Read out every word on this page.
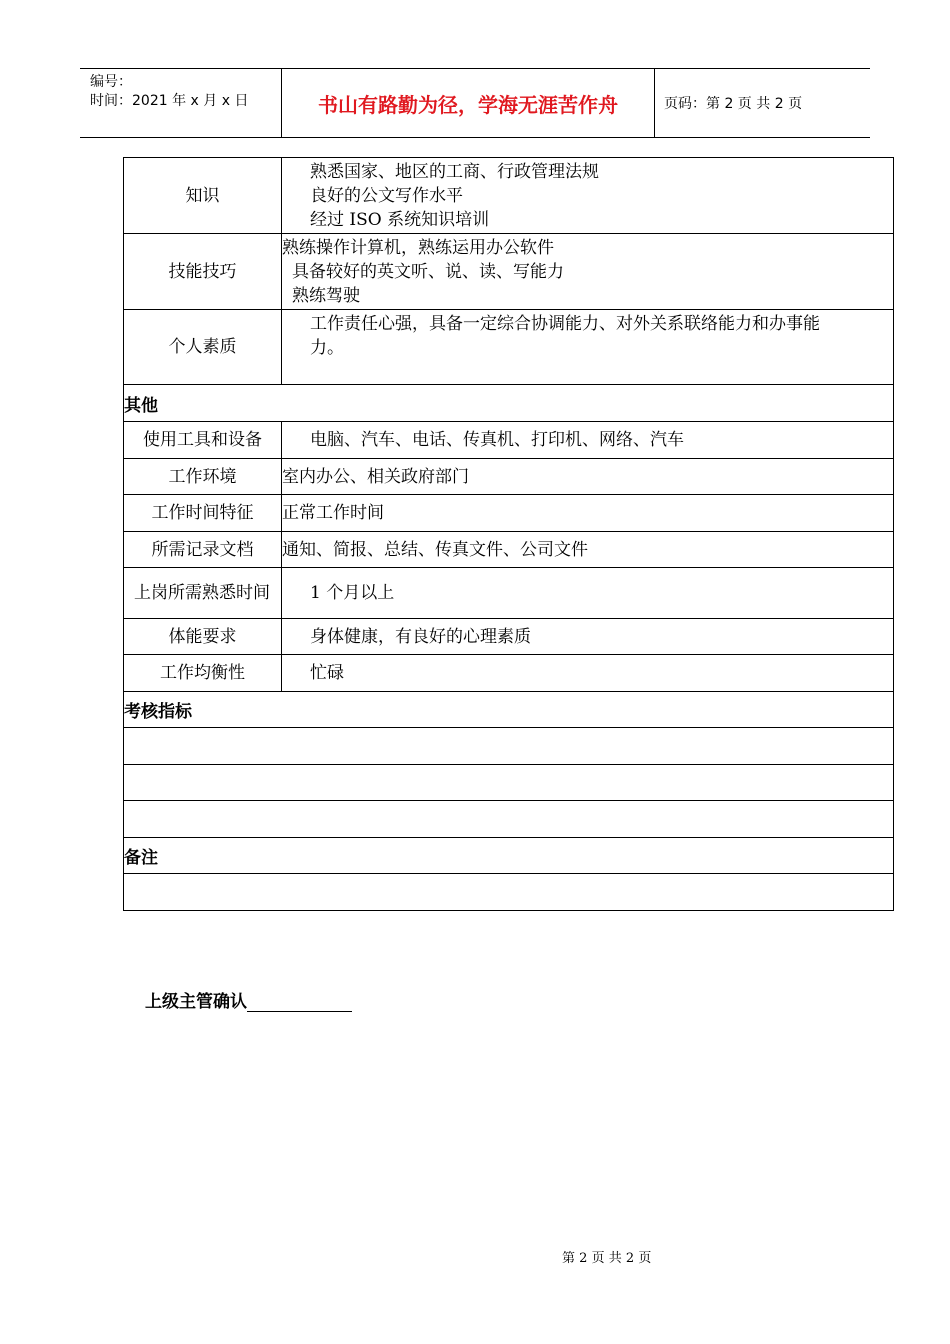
编号：
时间：2021 年 x 月 x 日	书山有路勤为径，学海无涯苦作舟	页码：第 2 页 共 2 页
知识	熟悉国家、地区的工商、行政管理法规
良好的公文写作水平
经过 ISO 系统知识培训

技能技巧	熟练操作计算机，熟练运用办公软件
具备较好的英文听、说、读、写能力
熟练驾驶

个人素质	工作责任心强，具备一定综合协调能力、对外关系联络能力和办事能
力。

其他	
使用工具和设备	电脑、汽车、电话、传真机、打印机、网络、汽车
工作环境	室内办公、相关政府部门
工作时间特征	正常工作时间
所需记录文档	通知、简报、总结、传真文件、公司文件
上岗所需熟悉时间	1 个月以上
体能要求	身体健康，有良好的心理素质
工作均衡性	忙碌
考核指标	

备注	

上级主管确认
第 2 页 共 2 页
